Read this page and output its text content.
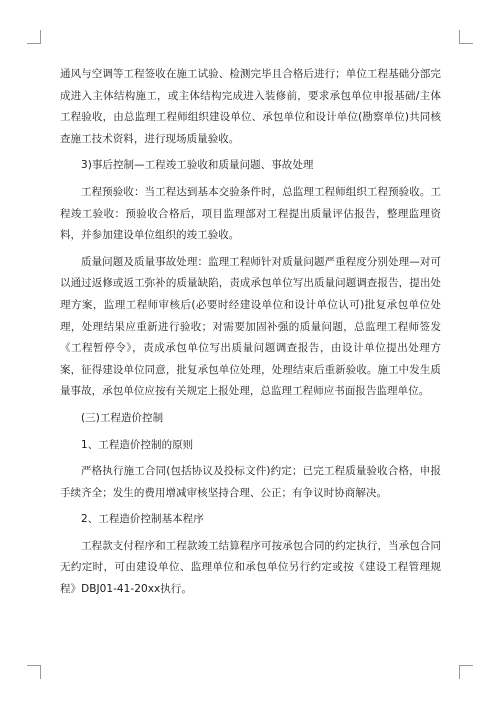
通风与空调等工程签收在施工试验、检测完毕且合格后进行；单位工程基础分部完成进入主体结构施工，或主体结构完成进入装修前，要求承包单位申报基础/主体工程验收，由总监理工程师组织建设单位、承包单位和设计单位(勘察单位)共同核查施工技术资料，进行现场质量验收。

3)事后控制—工程竣工验收和质量问题、事故处理

工程预验收：当工程达到基本交验条件时，总监理工程师组织工程预验收。工程竣工验收：预验收合格后，项目监理部对工程提出质量评估报告，整理监理资料，并参加建设单位组织的竣工验收。

质量问题及质量事故处理：监理工程师针对质量问题严重程度分别处理—对可以通过返修或返工弥补的质量缺陷，责成承包单位写出质量问题调查报告，提出处理方案，监理工程师审核后(必要时经建设单位和设计单位认可)批复承包单位处理，处理结果应重新进行验收；对需要加固补强的质量问题，总监理工程师签发《工程暂停令》，责成承包单位写出质量问题调查报告，由设计单位提出处理方案，征得建设单位同意，批复承包单位处理，处理结束后重新验收。施工中发生质量事故，承包单位应按有关规定上报处理，总监理工程师应书面报告监理单位。

(三)工程造价控制

1、工程造价控制的原则

严格执行施工合同(包括协议及投标文件)约定；已完工程质量验收合格，申报手续齐全；发生的费用增减审核坚持合理、公正；有争议时协商解决。

2、工程造价控制基本程序

工程款支付程序和工程款竣工结算程序可按承包合同的约定执行，当承包合同无约定时，可由建设单位、监理单位和承包单位另行约定或按《建设工程管理规程》DBJ01-41-20xx执行。
